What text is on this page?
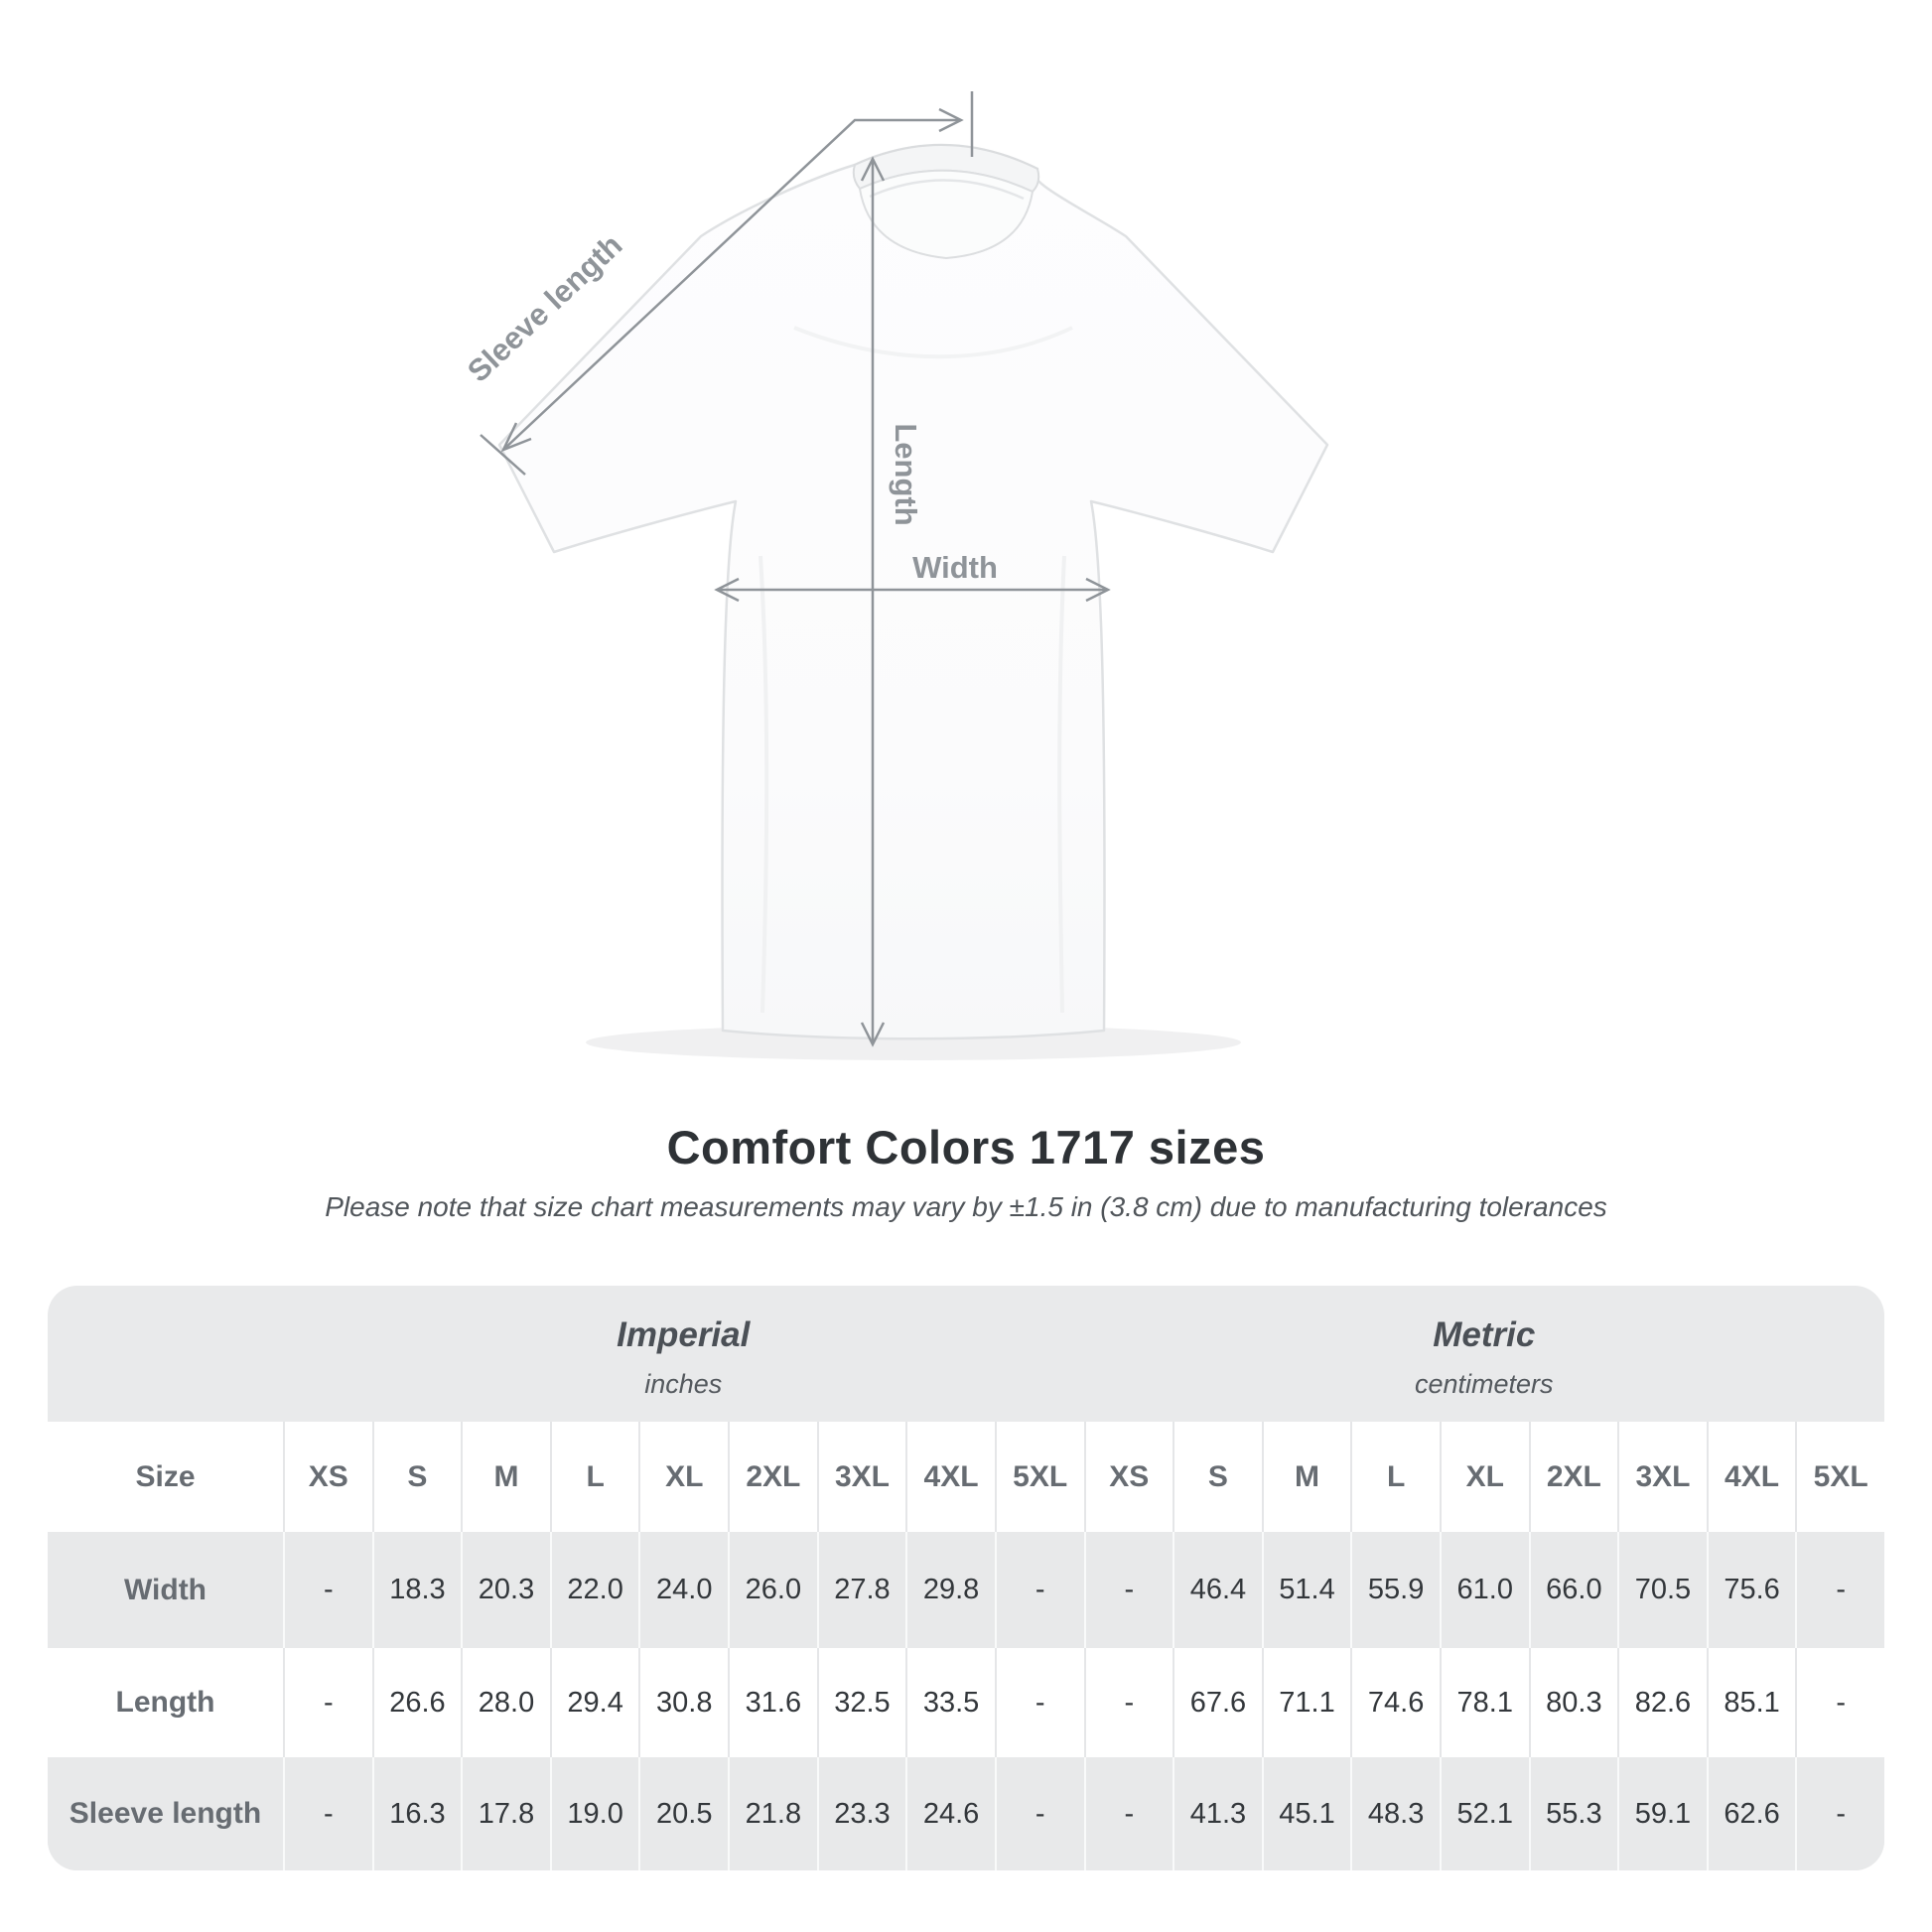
Length
Width
Sleeve length
Comfort Colors 1717 sizes
Please note that size chart measurements may vary by ±1.5 in (3.8 cm) due to manufacturing tolerances
Imperial
inches
Metric
centimeters
Size	XS	S	M	L	XL	2XL	3XL	4XL	5XL	XS	S	M	L	XL	2XL	3XL	4XL	5XL
Width	-	18.3	20.3	22.0	24.0	26.0	27.8	29.8	-	-	46.4	51.4	55.9	61.0	66.0	70.5	75.6	-
Length	-	26.6	28.0	29.4	30.8	31.6	32.5	33.5	-	-	67.6	71.1	74.6	78.1	80.3	82.6	85.1	-
Sleeve length	-	16.3	17.8	19.0	20.5	21.8	23.3	24.6	-	-	41.3	45.1	48.3	52.1	55.3	59.1	62.6	-
